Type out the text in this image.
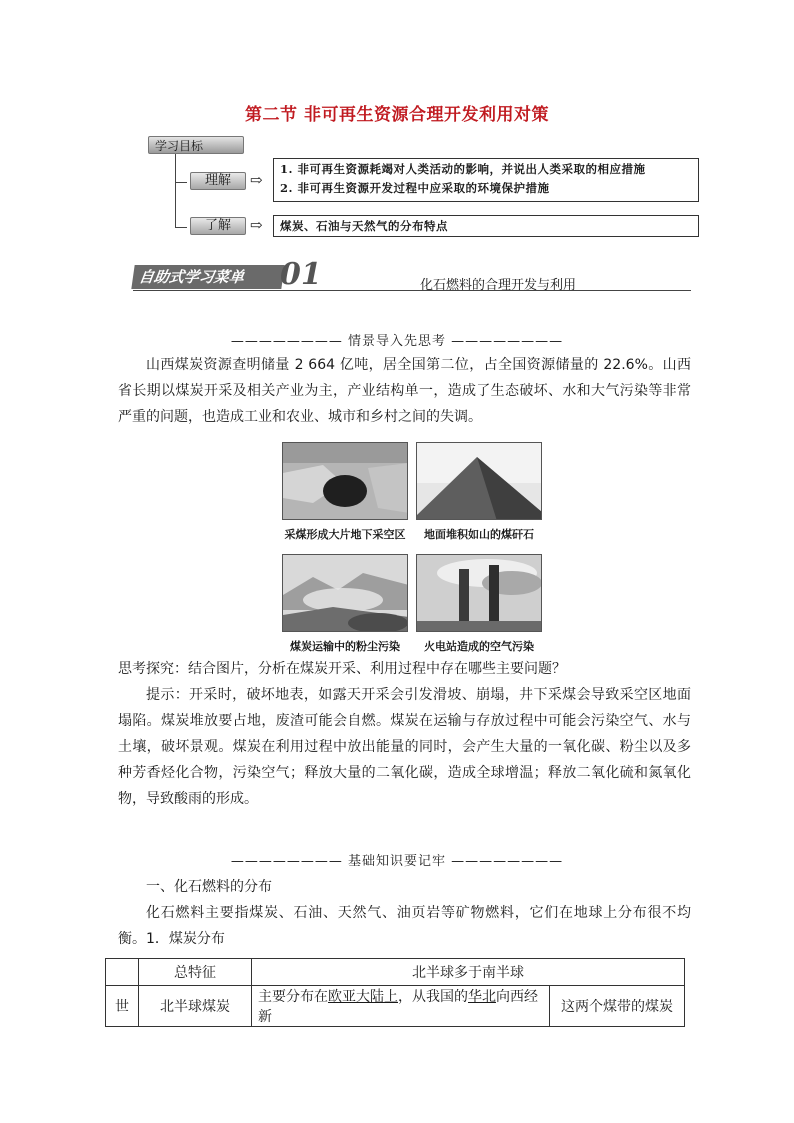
第二节 非可再生资源合理开发利用对策
学习目标
理解	⇨
1. 非可再生资源耗竭对人类活动的影响，并说出人类采取的相应措施
2. 非可再生资源开发过程中应采取的环境保护措施
了解	⇨	煤炭、石油与天然气的分布特点
自助式学习菜单	01	化石燃料的合理开发与利用
———————— 情景导入先思考 ————————
山西煤炭资源查明储量 2 664 亿吨，居全国第二位，占全国资源储量的 22.6%。山西省长期以煤炭开采及相关产业为主，产业结构单一，造成了生态破坏、水和大气污染等非常严重的问题，也造成工业和农业、城市和乡村之间的失调。
采煤形成大片地下采空区	地面堆积如山的煤矸石
煤炭运输中的粉尘污染	火电站造成的空气污染
思考探究：结合图片，分析在煤炭开采、利用过程中存在哪些主要问题？
提示：开采时，破坏地表，如露天开采会引发滑坡、崩塌，井下采煤会导致采空区地面塌陷。煤炭堆放要占地，废渣可能会自燃。煤炭在运输与存放过程中可能会污染空气、水与土壤，破坏景观。煤炭在利用过程中放出能量的同时，会产生大量的一氧化碳、粉尘以及多种芳香烃化合物，污染空气；释放大量的二氧化碳，造成全球增温；释放二氧化硫和氮氧化物，导致酸雨的形成。
———————— 基础知识要记牢 ————————
一、化石燃料的分布
化石燃料主要指煤炭、石油、天然气、油页岩等矿物燃料，它们在地球上分布很不均衡。 1．煤炭分布
	总特征	北半球多于南半球	
世	北半球煤炭	主要分布在欧亚大陆上，从我国的华北向西经新	这两个煤带的煤炭
